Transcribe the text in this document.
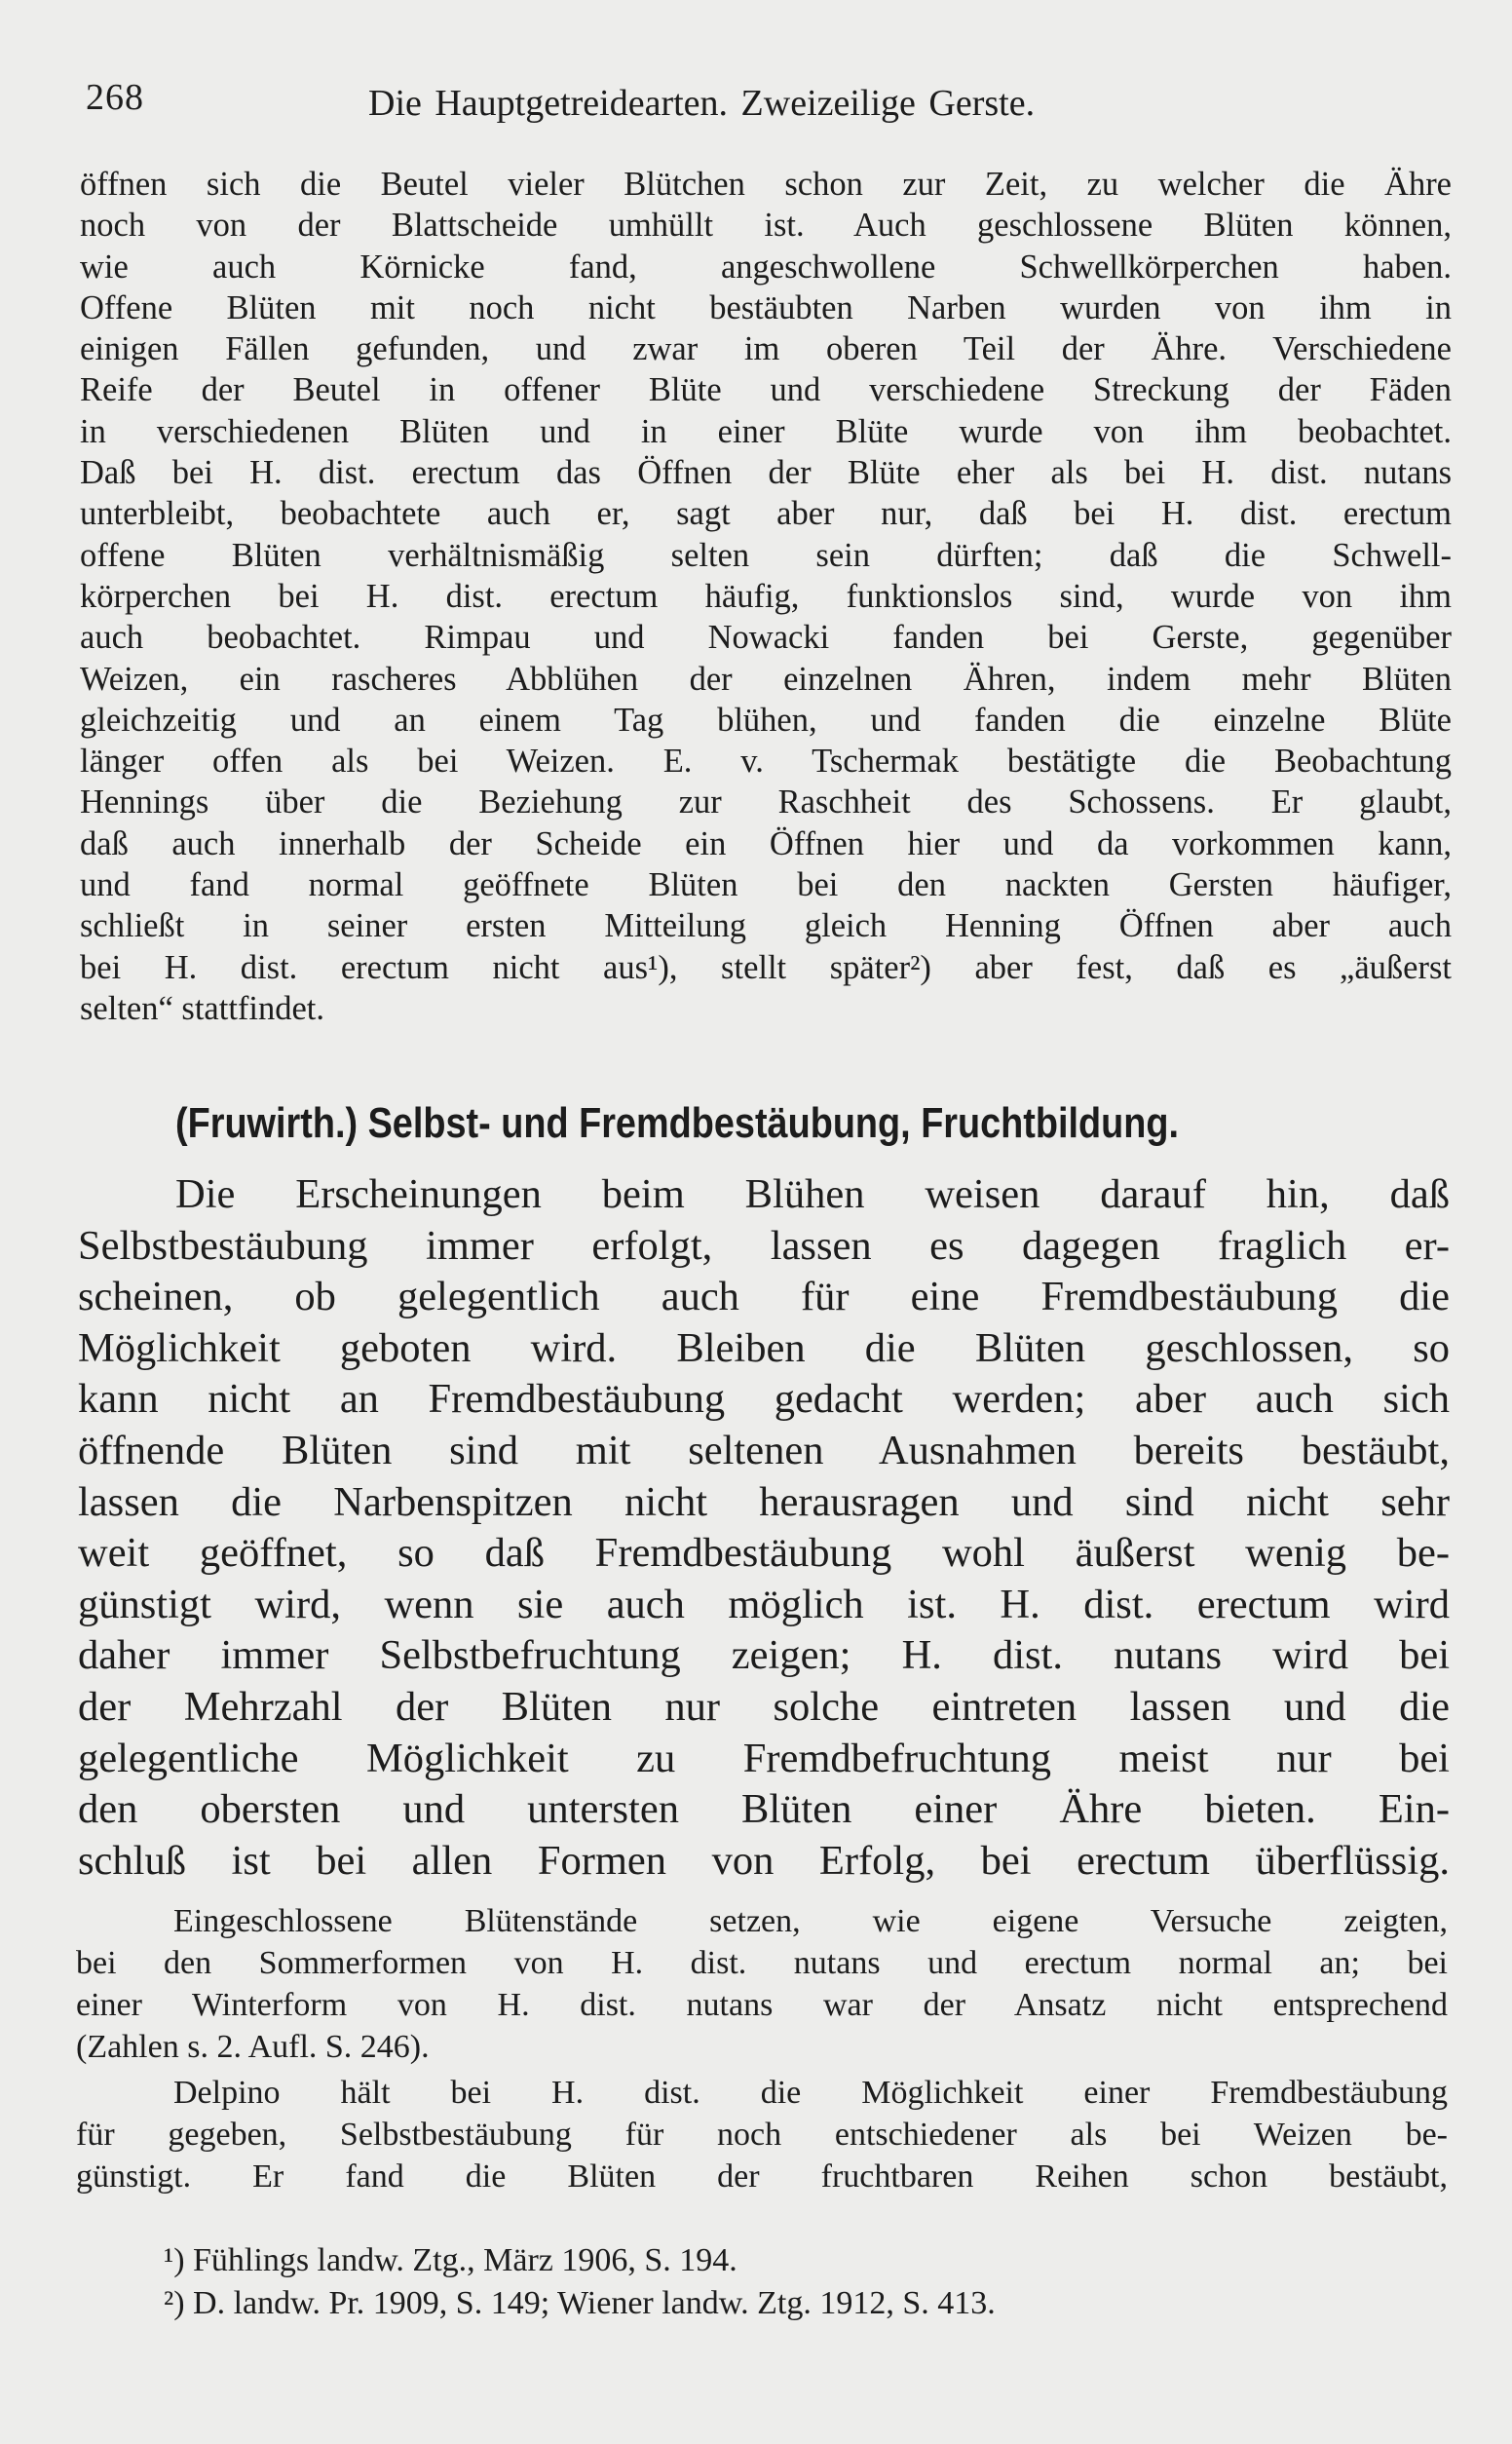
268	Die Hauptgetreidearten. Zweizeilige Gerste.
öffnen sich die Beutel vieler Blütchen schon zur Zeit, zu welcher die Ähre
noch von der Blattscheide umhüllt ist. Auch geschlossene Blüten können,
wie auch Körnicke fand, angeschwollene Schwellkörperchen haben.
Offene Blüten mit noch nicht bestäubten Narben wurden von ihm in
einigen Fällen gefunden, und zwar im oberen Teil der Ähre. Verschiedene
Reife der Beutel in offener Blüte und verschiedene Streckung der Fäden
in verschiedenen Blüten und in einer Blüte wurde von ihm beobachtet.
Daß bei H. dist. erectum das Öffnen der Blüte eher als bei H. dist. nutans
unterbleibt, beobachtete auch er, sagt aber nur, daß bei H. dist. erectum
offene Blüten verhältnismäßig selten sein dürften; daß die Schwell-
körperchen bei H. dist. erectum häufig, funktionslos sind, wurde von ihm
auch beobachtet. Rimpau und Nowacki fanden bei Gerste, gegenüber
Weizen, ein rascheres Abblühen der einzelnen Ähren, indem mehr Blüten
gleichzeitig und an einem Tag blühen, und fanden die einzelne Blüte
länger offen als bei Weizen. E. v. Tschermak bestätigte die Beobachtung
Hennings über die Beziehung zur Raschheit des Schossens. Er glaubt,
daß auch innerhalb der Scheide ein Öffnen hier und da vorkommen kann,
und fand normal geöffnete Blüten bei den nackten Gersten häufiger,
schließt in seiner ersten Mitteilung gleich Henning Öffnen aber auch
bei H. dist. erectum nicht aus¹), stellt später²) aber fest, daß es „äußerst
selten“ stattfindet.
(Fruwirth.) Selbst- und Fremdbestäubung, Fruchtbildung.
Die Erscheinungen beim Blühen weisen darauf hin, daß
Selbstbestäubung immer erfolgt, lassen es dagegen fraglich er-
scheinen, ob gelegentlich auch für eine Fremdbestäubung die
Möglichkeit geboten wird. Bleiben die Blüten geschlossen, so
kann nicht an Fremdbestäubung gedacht werden; aber auch sich
öffnende Blüten sind mit seltenen Ausnahmen bereits bestäubt,
lassen die Narbenspitzen nicht herausragen und sind nicht sehr
weit geöffnet, so daß Fremdbestäubung wohl äußerst wenig be-
günstigt wird, wenn sie auch möglich ist. H. dist. erectum wird
daher immer Selbstbefruchtung zeigen; H. dist. nutans wird bei
der Mehrzahl der Blüten nur solche eintreten lassen und die
gelegentliche Möglichkeit zu Fremdbefruchtung meist nur bei
den obersten und untersten Blüten einer Ähre bieten. Ein-
schluß ist bei allen Formen von Erfolg, bei erectum überflüssig.
Eingeschlossene Blütenstände setzen, wie eigene Versuche zeigten,
bei den Sommerformen von H. dist. nutans und erectum normal an; bei
einer Winterform von H. dist. nutans war der Ansatz nicht entsprechend
(Zahlen s. 2. Aufl. S. 246).
Delpino hält bei H. dist. die Möglichkeit einer Fremdbestäubung
für gegeben, Selbstbestäubung für noch entschiedener als bei Weizen be-
günstigt. Er fand die Blüten der fruchtbaren Reihen schon bestäubt,
¹) Fühlings landw. Ztg., März 1906, S. 194.
²) D. landw. Pr. 1909, S. 149; Wiener landw. Ztg. 1912, S. 413.
